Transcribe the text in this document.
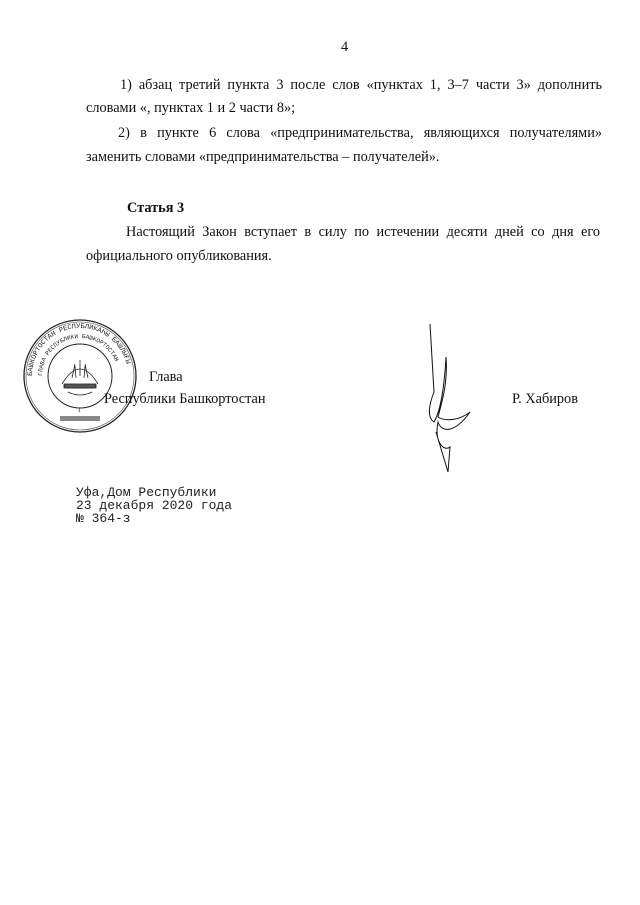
4
1) абзац третий пункта 3 после слов «пунктах 1, 3–7 части 3» дополнить
словами «, пунктах 1 и 2 части 8»;
2) в пункте 6 слова «предпринимательства, являющихся получателями»
заменить словами «предпринимательства – получателей».
Статья 3
Настоящий Закон вступает в силу по истечении десяти дней со дня его
официального опубликования.
БАШКОРТОСТАН РЕСПУБЛИКАҺЫ БАШЛЫҒЫ
ГЛАВА РЕСПУБЛИКИ БАШКОРТОСТАН
4
Глава
Республики Башкортостан	Р. Хабиров
Уфа,Дом Республики
23 декабря 2020 года
№ 364-з
